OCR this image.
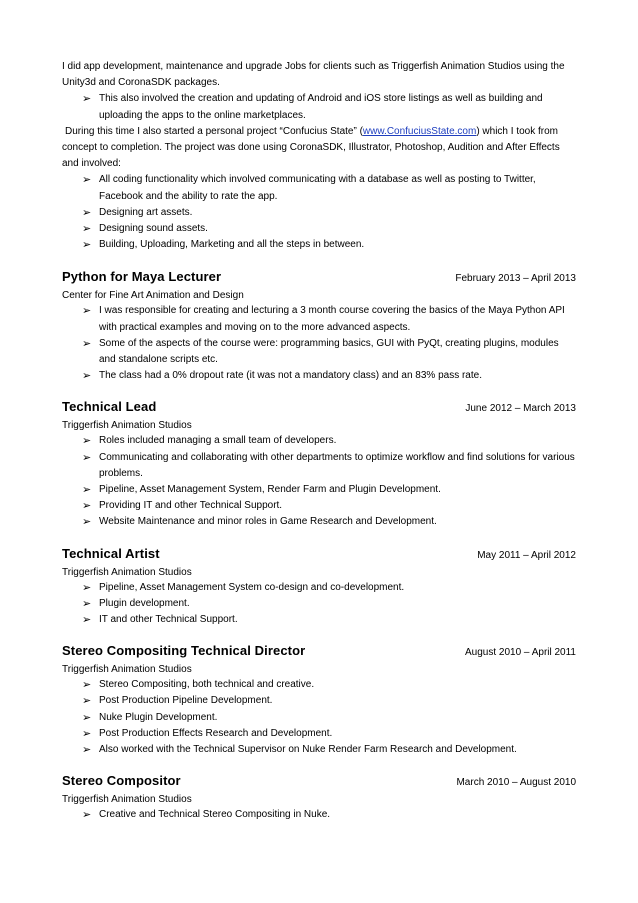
I did app development, maintenance and upgrade Jobs for clients such as Triggerfish Animation Studios using the Unity3d and CoronaSDK packages.

➢ This also involved the creation and updating of Android and iOS store listings as well as building and uploading the apps to the online marketplaces.

During this time I also started a personal project “Confucius State” (www.ConfuciusState.com) which I took from concept to completion. The project was done using CoronaSDK, Illustrator, Photoshop, Audition and After Effects and involved:

➢ All coding functionality which involved communicating with a database as well as posting to Twitter, Facebook and the ability to rate the app.
➢ Designing art assets.
➢ Designing sound assets.
➢ Building, Uploading, Marketing and all the steps in between.
Python for Maya Lecturer	February 2013 – April 2013
Center for Fine Art Animation and Design
➢ I was responsible for creating and lecturing a 3 month course covering the basics of the Maya Python API with practical examples and moving on to the more advanced aspects.
➢ Some of the aspects of the course were: programming basics, GUI with PyQt, creating plugins, modules and standalone scripts etc.
➢ The class had a 0% dropout rate (it was not a mandatory class) and an 83% pass rate.
Technical Lead	June 2012 – March 2013
Triggerfish Animation Studios
➢ Roles included managing a small team of developers.
➢ Communicating and collaborating with other departments to optimize workflow and find solutions for various problems.
➢ Pipeline, Asset Management System, Render Farm and Plugin Development.
➢ Providing IT and other Technical Support.
➢ Website Maintenance and minor roles in Game Research and Development.
Technical Artist	May 2011 – April 2012
Triggerfish Animation Studios
➢ Pipeline, Asset Management System co-design and co-development.
➢ Plugin development.
➢ IT and other Technical Support.
Stereo Compositing Technical Director	August 2010 – April 2011
Triggerfish Animation Studios
➢ Stereo Compositing, both technical and creative.
➢ Post Production Pipeline Development.
➢ Nuke Plugin Development.
➢ Post Production Effects Research and Development.
➢ Also worked with the Technical Supervisor on Nuke Render Farm Research and Development.
Stereo Compositor	March 2010 – August 2010
Triggerfish Animation Studios
➢ Creative and Technical Stereo Compositing in Nuke.
